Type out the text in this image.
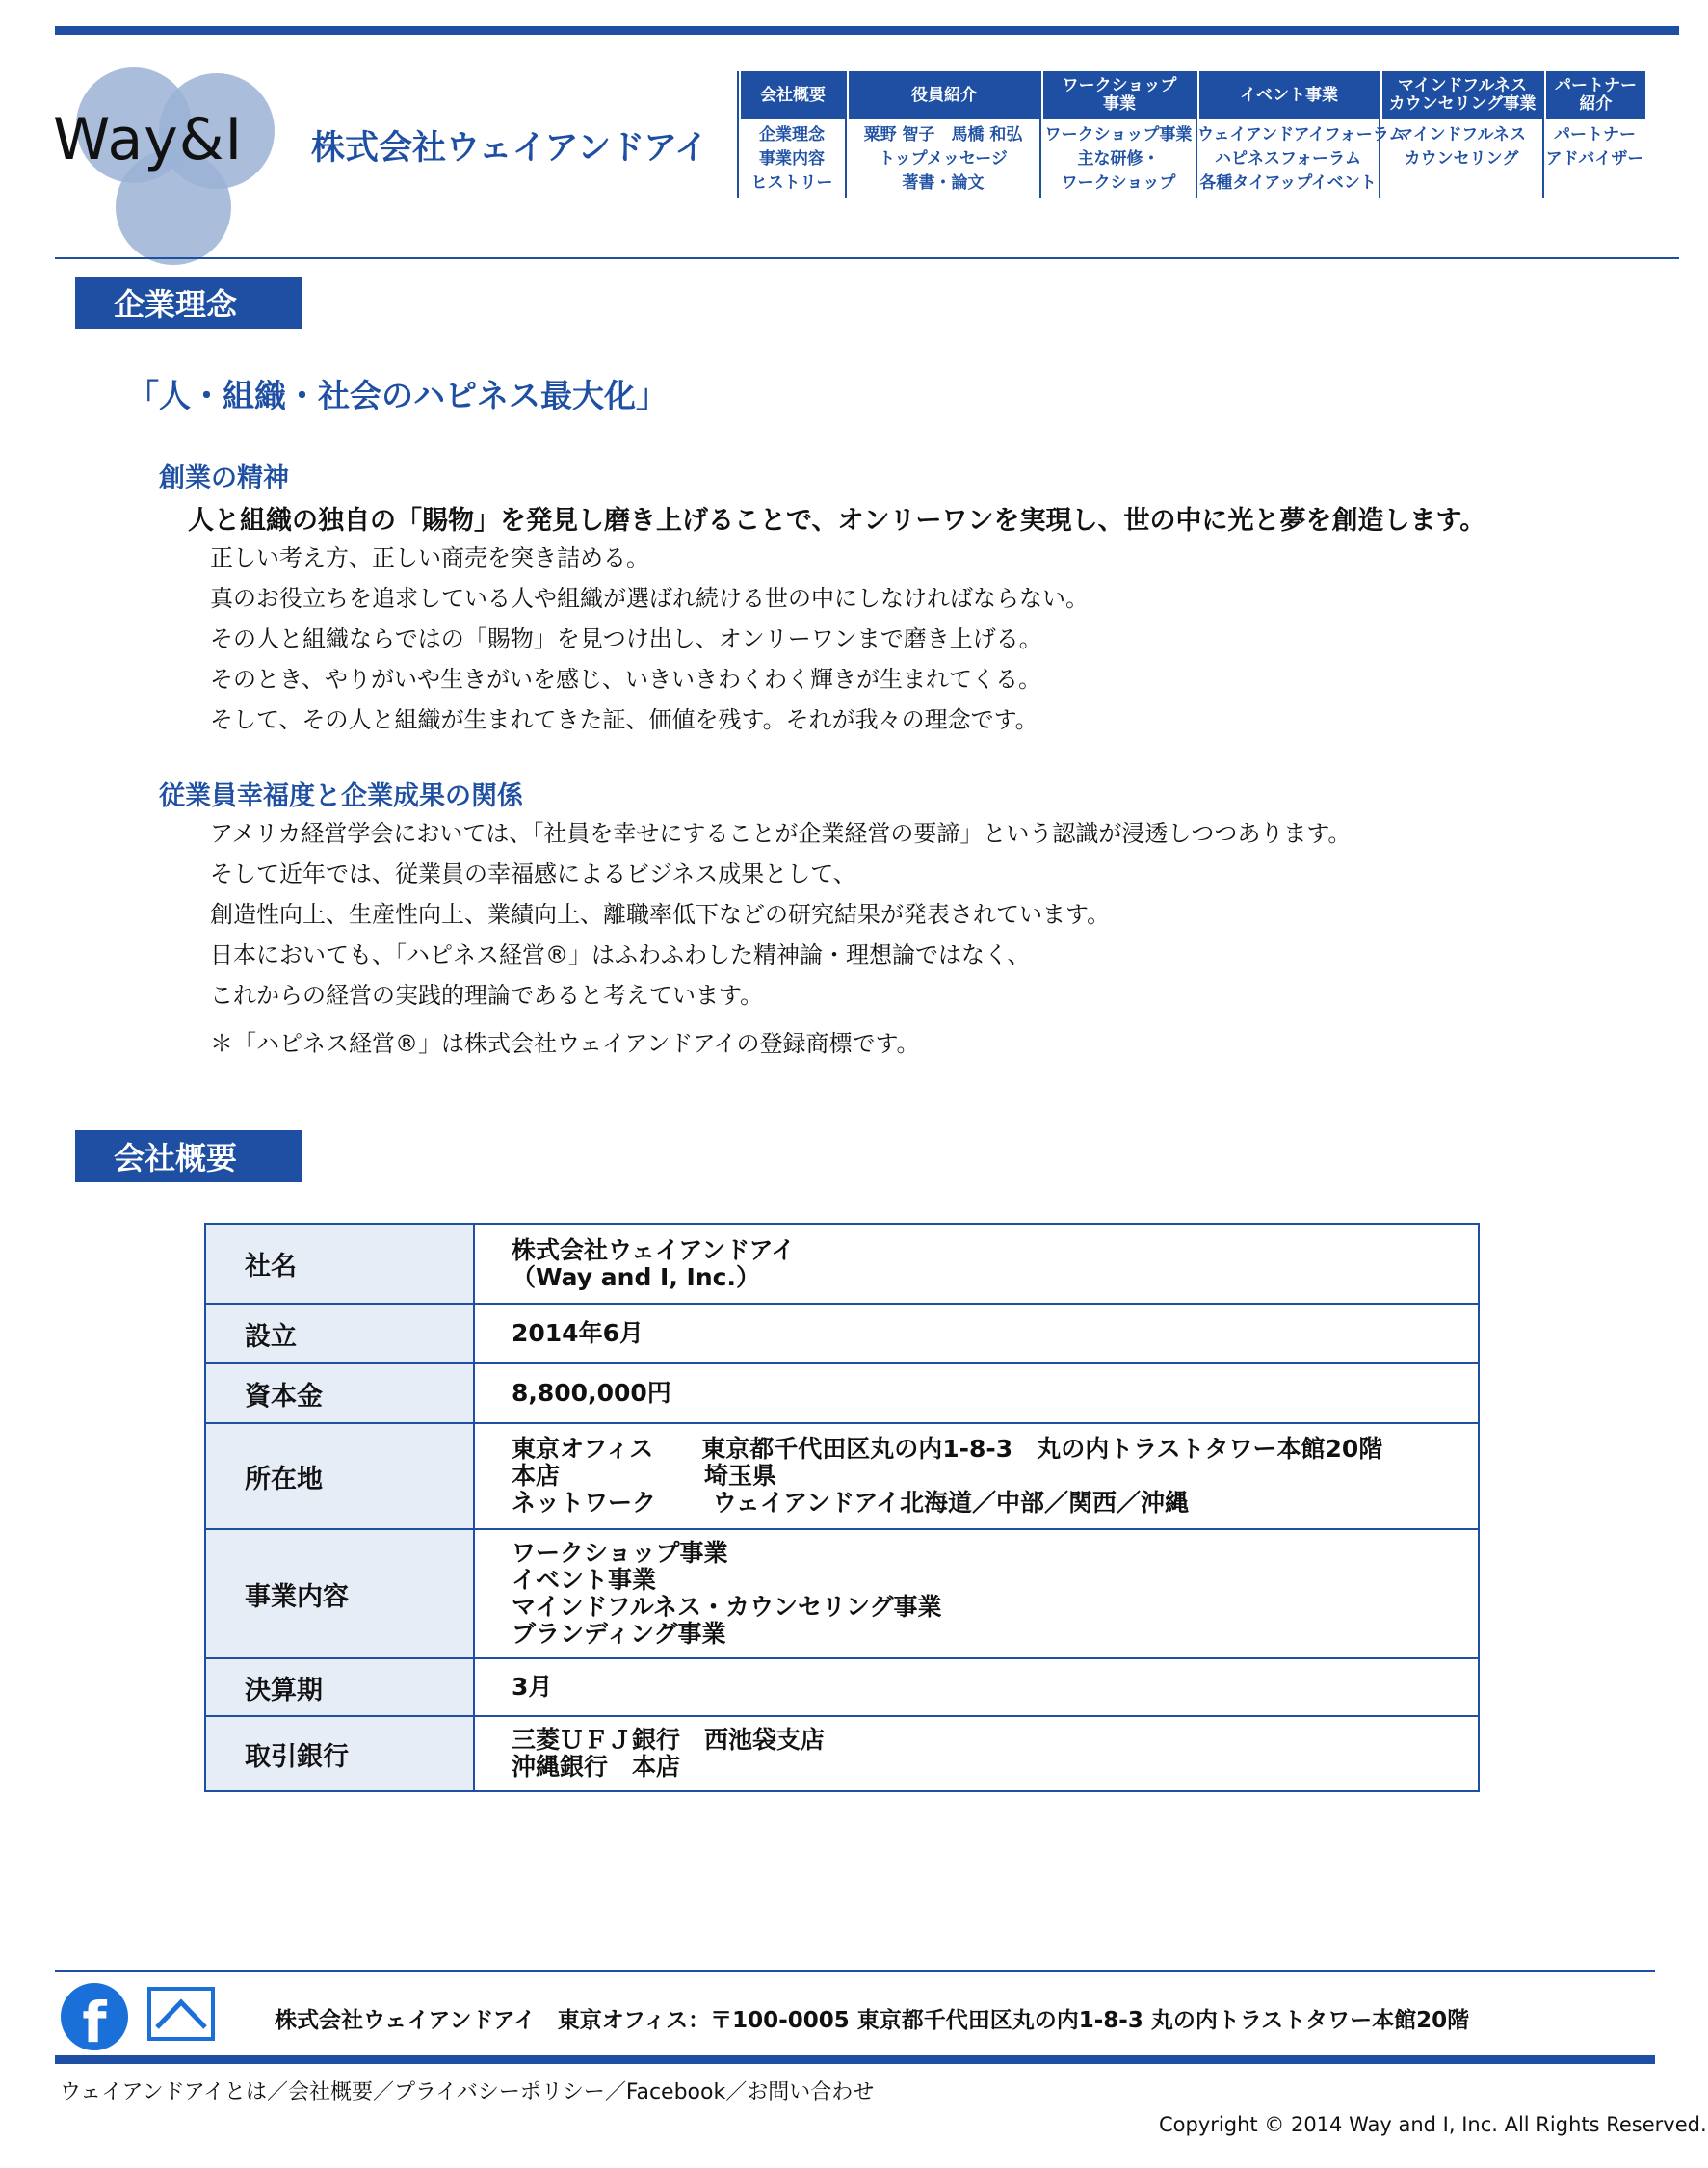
Way&I 株式会社ウェイアンドアイ
会社概要
企業理念
事業内容
ヒストリー
役員紹介
粟野 智子　馬橋 和弘
トップメッセージ
著書・論文
ワークショップ
事業
ワークショップ事業
主な研修・
ワークショップ
イベント事業
ウェイアンドアイフォーラム
ハピネスフォーラム
各種タイアップイベント
マインドフルネス
カウンセリング事業
マインドフルネス
カウンセリング
パートナー
紹介
パートナー
アドバイザー
企業理念
「人・組織・社会のハピネス最大化」
創業の精神
人と組織の独自の「賜物」を発見し磨き上げることで、オンリーワンを実現し、世の中に光と夢を創造します。
正しい考え方、正しい商売を突き詰める。
真のお役立ちを追求している人や組織が選ばれ続ける世の中にしなければならない。
その人と組織ならではの「賜物」を見つけ出し、オンリーワンまで磨き上げる。
そのとき、やりがいや生きがいを感じ、いきいきわくわく輝きが生まれてくる。
そして、その人と組織が生まれてきた証、価値を残す。それが我々の理念です。
従業員幸福度と企業成果の関係
アメリカ経営学会においては、「社員を幸せにすることが企業経営の要諦」という認識が浸透しつつあります。
そして近年では、従業員の幸福感によるビジネス成果として、
創造性向上、生産性向上、業績向上、離職率低下などの研究結果が発表されています。
日本においても、「ハピネス経営®」はふわふわした精神論・理想論ではなく、
これからの経営の実践的理論であると考えています。
＊「ハピネス経営®」は株式会社ウェイアンドアイの登録商標です。
会社概要
社名	株式会社ウェイアンドアイ
（Way and I, Inc.）

設立	2014年6月

資本金	8,800,000円

所在地	東京オフィス　　東京都千代田区丸の内1-8-3　丸の内トラストタワー本館20階
本店　　　　　　埼玉県
ネットワーク　　 ウェイアンドアイ北海道／中部／関西／沖縄

事業内容	ワークショップ事業
イベント事業
マインドフルネス・カウンセリング事業
ブランディング事業

決算期	3月

取引銀行	三菱ＵＦＪ銀行　西池袋支店
沖縄銀行　本店
f	株式会社ウェイアンドアイ　東京オフィス：〒100-0005 東京都千代田区丸の内1-8-3 丸の内トラストタワー本館20階
ウェイアンドアイとは／会社概要／プライバシーポリシー／Facebook／お問い合わせ
Copyright © 2014 Way and I, Inc. All Rights Reserved.
